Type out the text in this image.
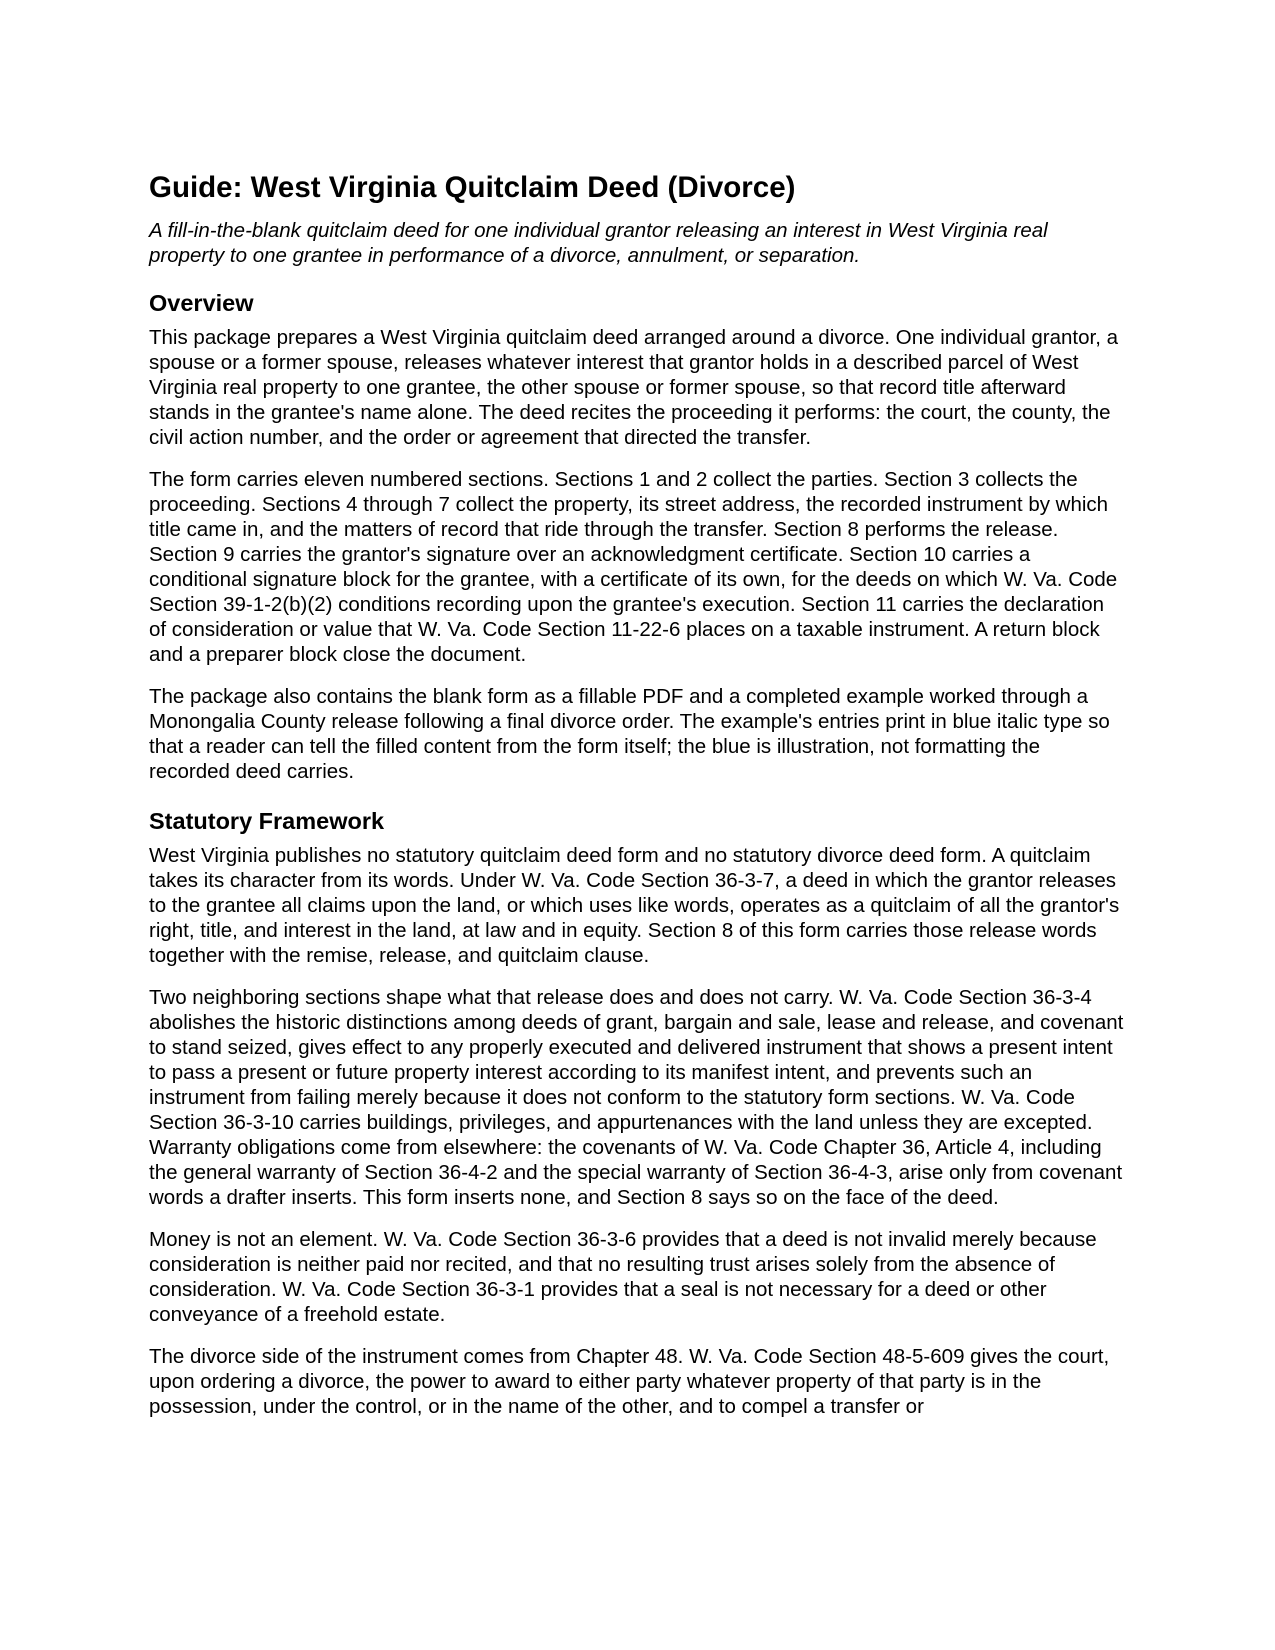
Guide: West Virginia Quitclaim Deed (Divorce)

A fill-in-the-blank quitclaim deed for one individual grantor releasing an interest in West Virginia real property to one grantee in performance of a divorce, annulment, or separation.

Overview

This package prepares a West Virginia quitclaim deed arranged around a divorce. One individual grantor, a spouse or a former spouse, releases whatever interest that grantor holds in a described parcel of West Virginia real property to one grantee, the other spouse or former spouse, so that record title afterward stands in the grantee's name alone. The deed recites the proceeding it performs: the court, the county, the civil action number, and the order or agreement that directed the transfer.

The form carries eleven numbered sections. Sections 1 and 2 collect the parties. Section 3 collects the proceeding. Sections 4 through 7 collect the property, its street address, the recorded instrument by which title came in, and the matters of record that ride through the transfer. Section 8 performs the release. Section 9 carries the grantor's signature over an acknowledgment certificate. Section 10 carries a conditional signature block for the grantee, with a certificate of its own, for the deeds on which W. Va. Code Section 39-1-2(b)(2) conditions recording upon the grantee's execution. Section 11 carries the declaration of consideration or value that W. Va. Code Section 11-22-6 places on a taxable instrument. A return block and a preparer block close the document.

The package also contains the blank form as a fillable PDF and a completed example worked through a Monongalia County release following a final divorce order. The example's entries print in blue italic type so that a reader can tell the filled content from the form itself; the blue is illustration, not formatting the recorded deed carries.

Statutory Framework

West Virginia publishes no statutory quitclaim deed form and no statutory divorce deed form. A quitclaim takes its character from its words. Under W. Va. Code Section 36-3-7, a deed in which the grantor releases to the grantee all claims upon the land, or which uses like words, operates as a quitclaim of all the grantor's right, title, and interest in the land, at law and in equity. Section 8 of this form carries those release words together with the remise, release, and quitclaim clause.

Two neighboring sections shape what that release does and does not carry. W. Va. Code Section 36-3-4 abolishes the historic distinctions among deeds of grant, bargain and sale, lease and release, and covenant to stand seized, gives effect to any properly executed and delivered instrument that shows a present intent to pass a present or future property interest according to its manifest intent, and prevents such an instrument from failing merely because it does not conform to the statutory form sections. W. Va. Code Section 36-3-10 carries buildings, privileges, and appurtenances with the land unless they are excepted. Warranty obligations come from elsewhere: the covenants of W. Va. Code Chapter 36, Article 4, including the general warranty of Section 36-4-2 and the special warranty of Section 36-4-3, arise only from covenant words a drafter inserts. This form inserts none, and Section 8 says so on the face of the deed.

Money is not an element. W. Va. Code Section 36-3-6 provides that a deed is not invalid merely because consideration is neither paid nor recited, and that no resulting trust arises solely from the absence of consideration. W. Va. Code Section 36-3-1 provides that a seal is not necessary for a deed or other conveyance of a freehold estate.

The divorce side of the instrument comes from Chapter 48. W. Va. Code Section 48-5-609 gives the court, upon ordering a divorce, the power to award to either party whatever property of that party is in the possession, under the control, or in the name of the other, and to compel a transfer or
